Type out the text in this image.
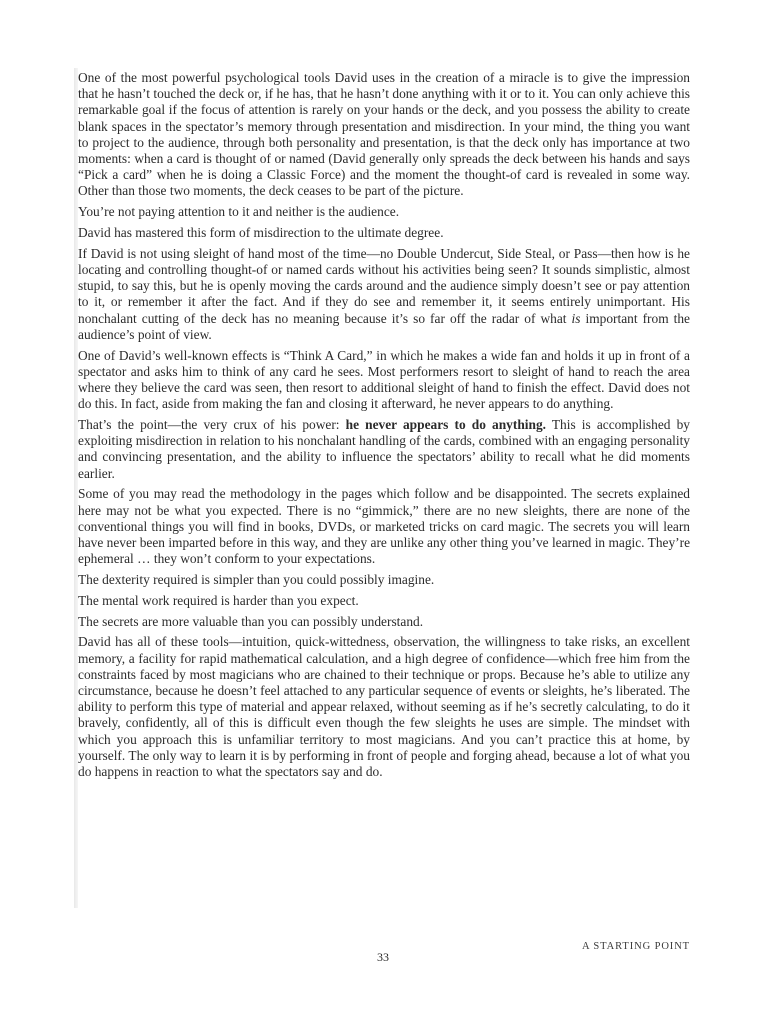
One of the most powerful psychological tools David uses in the creation of a miracle is to give the impression that he hasn’t touched the deck or, if he has, that he hasn’t done anything with it or to it. You can only achieve this remarkable goal if the focus of attention is rarely on your hands or the deck, and you possess the ability to create blank spaces in the spectator’s memory through presentation and misdirection. In your mind, the thing you want to project to the audience, through both personality and presentation, is that the deck only has importance at two moments: when a card is thought of or named (David generally only spreads the deck between his hands and says “Pick a card” when he is doing a Classic Force) and the moment the thought-of card is revealed in some way. Other than those two moments, the deck ceases to be part of the picture.

You’re not paying attention to it and neither is the audience.

David has mastered this form of misdirection to the ultimate degree.

If David is not using sleight of hand most of the time—no Double Undercut, Side Steal, or Pass—then how is he locating and controlling thought-of or named cards without his activities being seen? It sounds simplistic, almost stupid, to say this, but he is openly moving the cards around and the audience simply doesn’t see or pay attention to it, or remember it after the fact. And if they do see and remember it, it seems entirely unimportant. His nonchalant cutting of the deck has no meaning because it’s so far off the radar of what is important from the audience’s point of view.

One of David’s well-known effects is “Think A Card,” in which he makes a wide fan and holds it up in front of a spectator and asks him to think of any card he sees. Most performers resort to sleight of hand to reach the area where they believe the card was seen, then resort to additional sleight of hand to finish the effect. David does not do this. In fact, aside from making the fan and closing it afterward, he never appears to do anything.

That’s the point—the very crux of his power: he never appears to do anything. This is accomplished by exploiting misdirection in relation to his nonchalant handling of the cards, combined with an engaging personality and convincing presentation, and the ability to influence the spectators’ ability to recall what he did moments earlier.

Some of you may read the methodology in the pages which follow and be disappointed. The secrets explained here may not be what you expected. There is no “gimmick,” there are no new sleights, there are none of the conventional things you will find in books, DVDs, or marketed tricks on card magic. The secrets you will learn have never been imparted before in this way, and they are unlike any other thing you’ve learned in magic. They’re ephemeral … they won’t conform to your expectations.

The dexterity required is simpler than you could possibly imagine.

The mental work required is harder than you expect.

The secrets are more valuable than you can possibly understand.

David has all of these tools—intuition, quick-wittedness, observation, the willingness to take risks, an excellent memory, a facility for rapid mathematical calculation, and a high degree of confidence—which free him from the constraints faced by most magicians who are chained to their technique or props. Because he’s able to utilize any circumstance, because he doesn’t feel attached to any particular sequence of events or sleights, he’s liberated. The ability to perform this type of material and appear relaxed, without seeming as if he’s secretly calculating, to do it bravely, confidently, all of this is difficult even though the few sleights he uses are simple. The mindset with which you approach this is unfamiliar territory to most magicians. And you can’t practice this at home, by yourself. The only way to learn it is by performing in front of people and forging ahead, because a lot of what you do happens in reaction to what the spectators say and do.

A STARTING POINT
33
